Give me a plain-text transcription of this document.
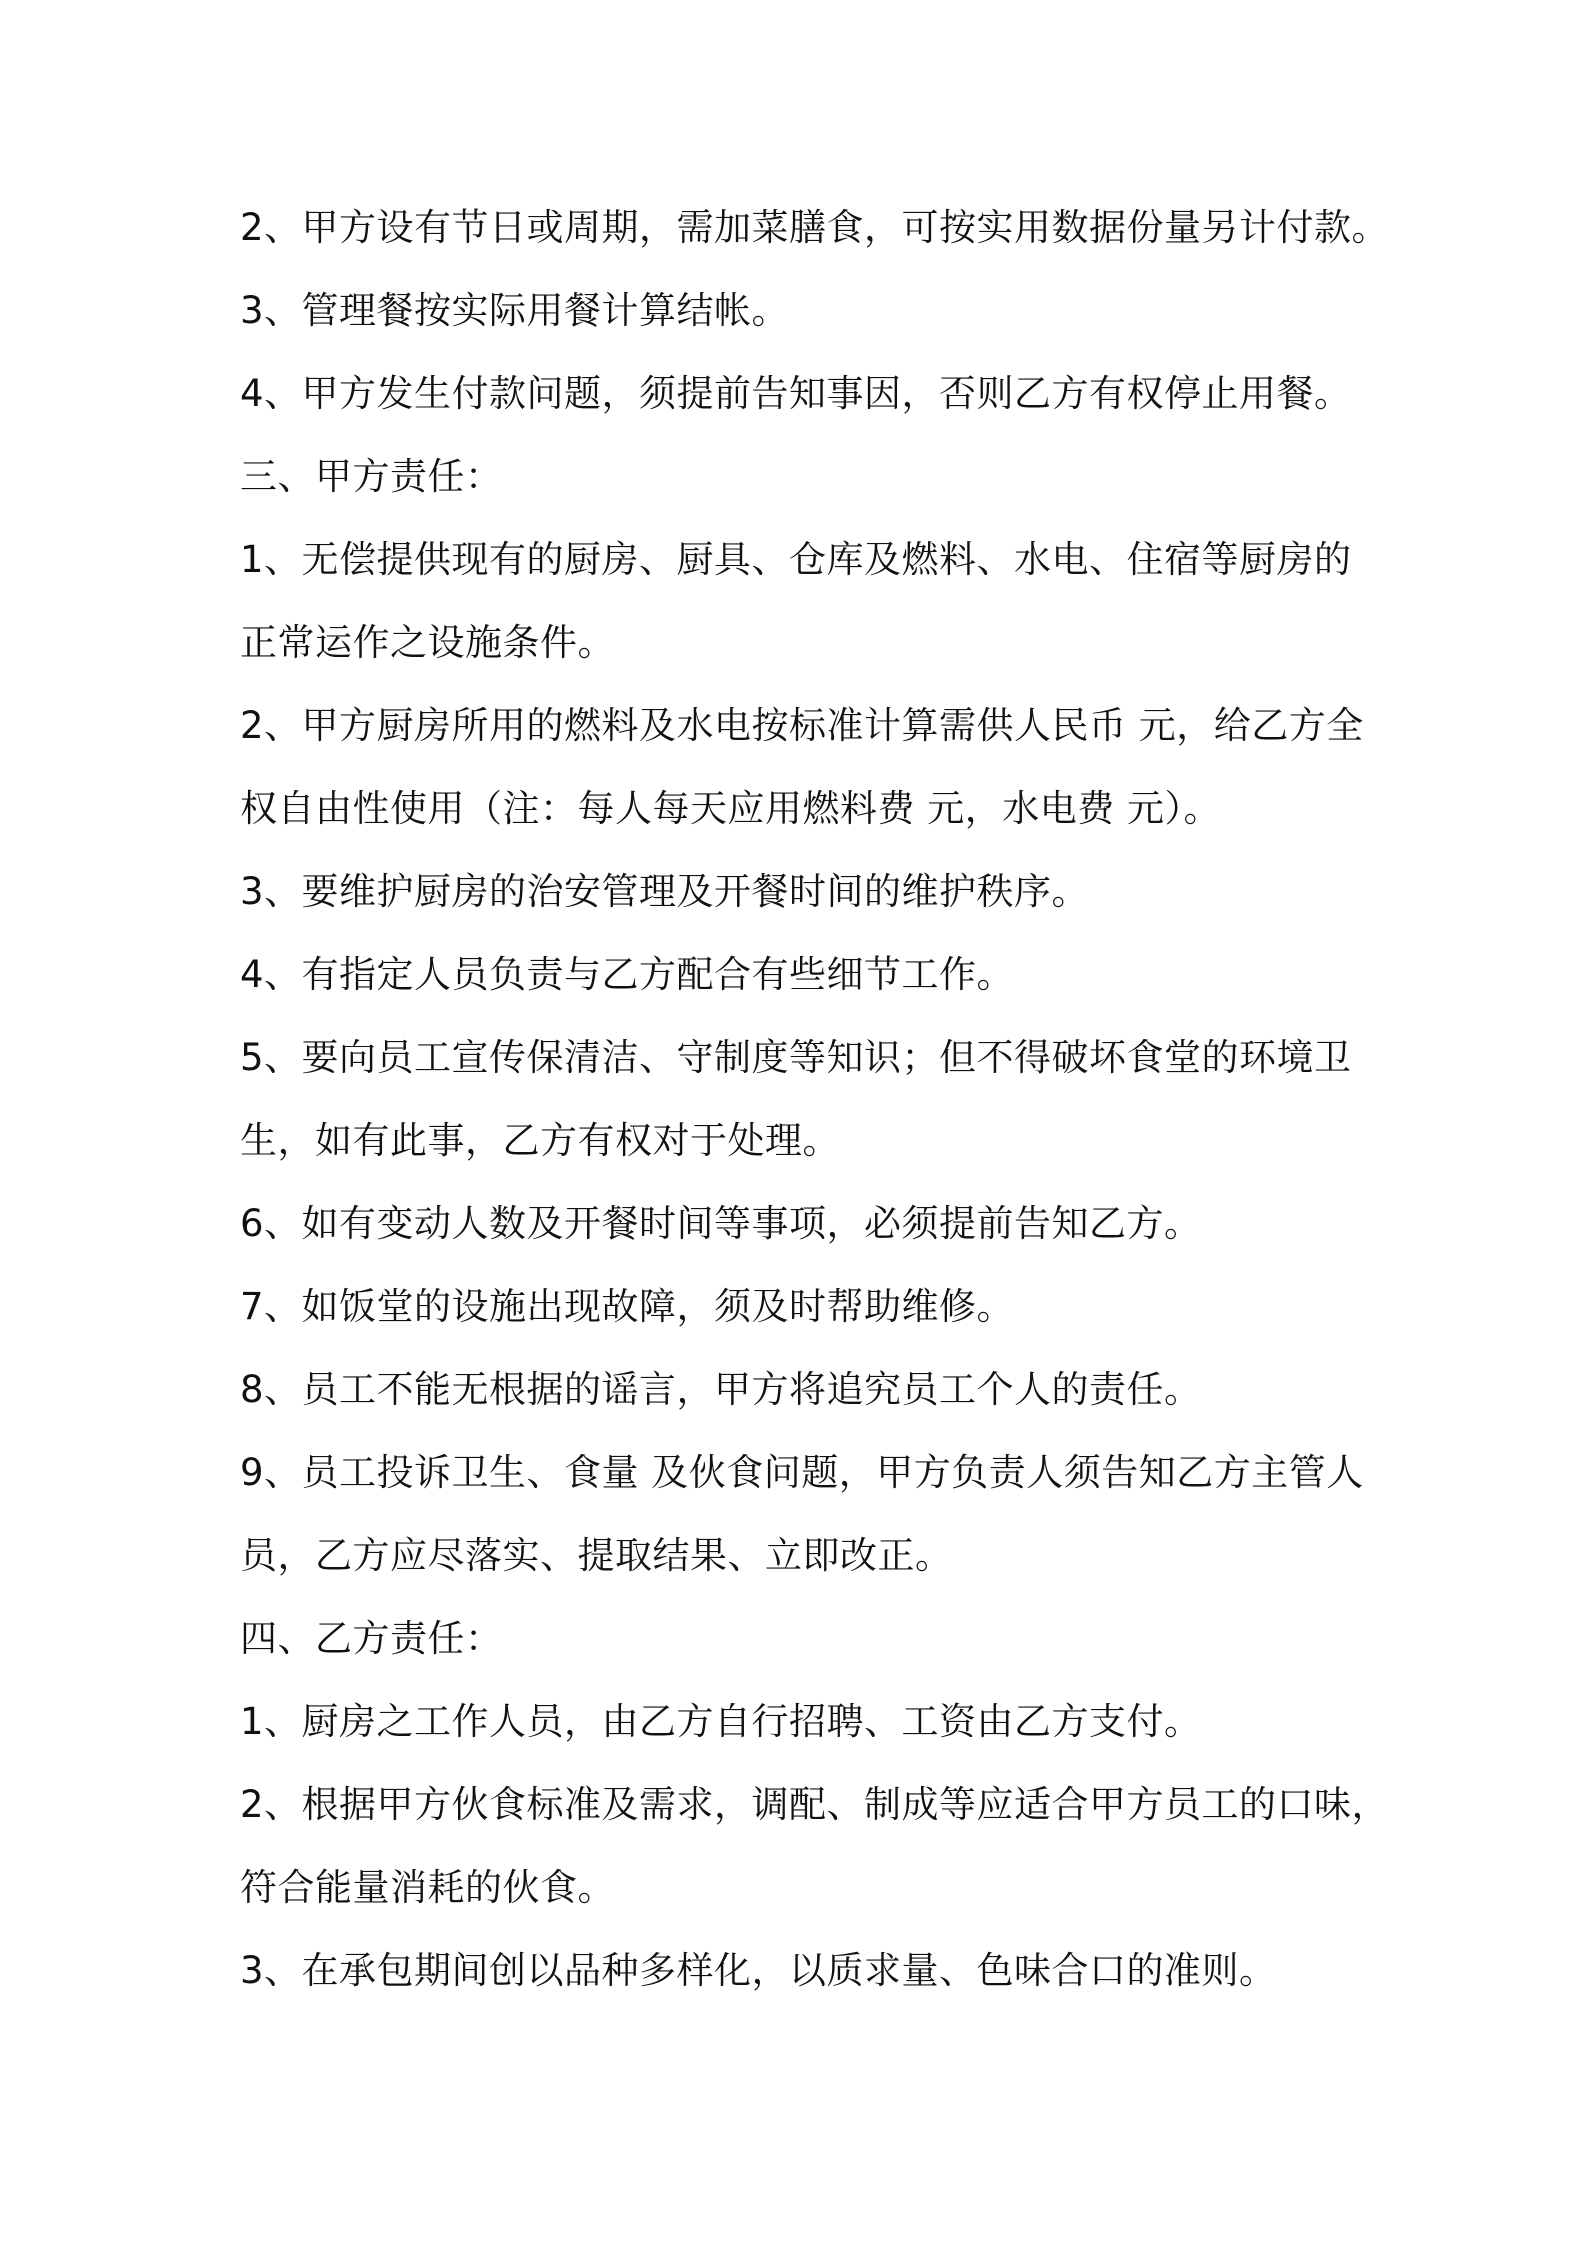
2、甲方设有节日或周期，需加菜膳食，可按实用数据份量另计付款。
3、管理餐按实际用餐计算结帐。
4、甲方发生付款问题，须提前告知事因，否则乙方有权停止用餐。
三、甲方责任：
1、无偿提供现有的厨房、厨具、仓库及燃料、水电、住宿等厨房的
正常运作之设施条件。
2、甲方厨房所用的燃料及水电按标准计算需供人民币 元，给乙方全
权自由性使用（注：每人每天应用燃料费 元，水电费 元）。
3、要维护厨房的治安管理及开餐时间的维护秩序。
4、有指定人员负责与乙方配合有些细节工作。
5、要向员工宣传保清洁、守制度等知识；但不得破坏食堂的环境卫
生，如有此事，乙方有权对于处理。
6、如有变动人数及开餐时间等事项，必须提前告知乙方。
7、如饭堂的设施出现故障，须及时帮助维修。
8、员工不能无根据的谣言，甲方将追究员工个人的责任。
9、员工投诉卫生、食量 及伙食问题，甲方负责人须告知乙方主管人
员，乙方应尽落实、提取结果、立即改正。
四、乙方责任：
1、厨房之工作人员，由乙方自行招聘、工资由乙方支付。
2、根据甲方伙食标准及需求，调配、制成等应适合甲方员工的口味，
符合能量消耗的伙食。
3、在承包期间创以品种多样化，以质求量、色味合口的准则。
